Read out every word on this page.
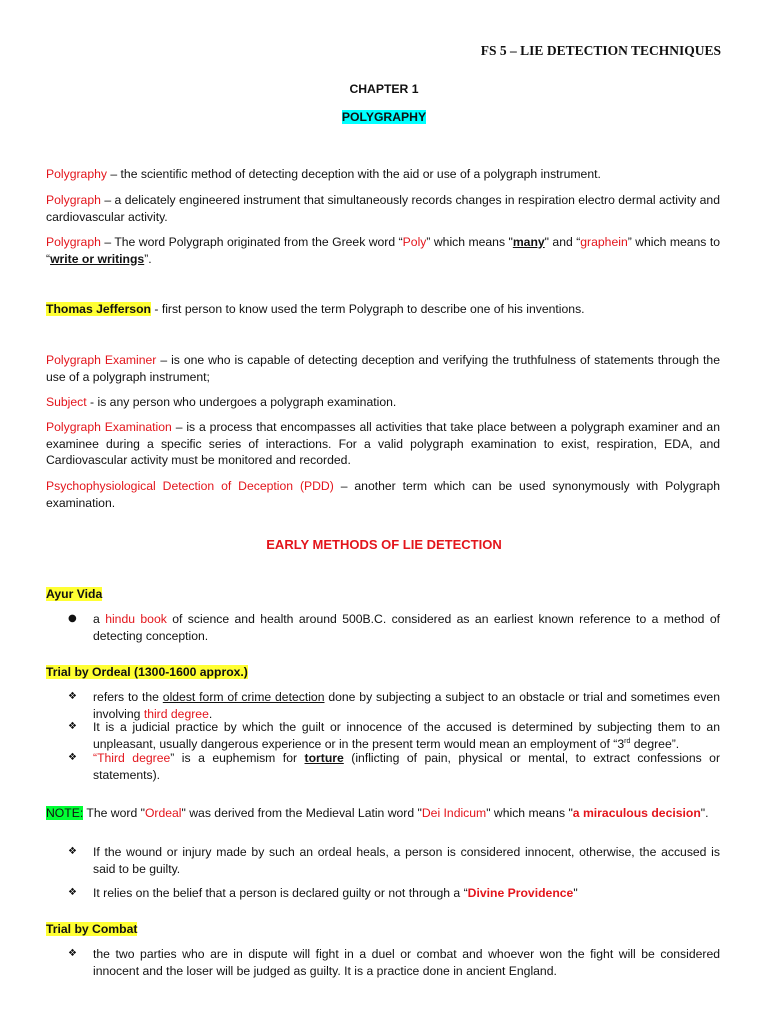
FS 5 – LIE DETECTION TECHNIQUES
CHAPTER 1
POLYGRAPHY
Polygraphy – the scientific method of detecting deception with the aid or use of a polygraph instrument.
Polygraph – a delicately engineered instrument that simultaneously records changes in respiration electro dermal activity and cardiovascular activity.
Polygraph – The word Polygraph originated from the Greek word “Poly” which means "many" and “graphein” which means to “write or writings”.
Thomas Jefferson - first person to know used the term Polygraph to describe one of his inventions.
Polygraph Examiner – is one who is capable of detecting deception and verifying the truthfulness of statements through the use of a polygraph instrument;
Subject - is any person who undergoes a polygraph examination.
Polygraph Examination – is a process that encompasses all activities that take place between a polygraph examiner and an examinee during a specific series of interactions. For a valid polygraph examination to exist, respiration, EDA, and Cardiovascular activity must be monitored and recorded.
Psychophysiological Detection of Deception (PDD) – another term which can be used synonymously with Polygraph examination.
EARLY METHODS OF LIE DETECTION
Ayur Vida
●	a hindu book of science and health around 500B.C. considered as an earliest known reference to a method of detecting conception.
Trial by Ordeal (1300-1600 approx.)
❖	refers to the oldest form of crime detection done by subjecting a subject to an obstacle or trial and sometimes even involving third degree.
❖	It is a judicial practice by which the guilt or innocence of the accused is determined by subjecting them to an unpleasant, usually dangerous experience or in the present term would mean an employment of “3rd degree”.
❖	“Third degree” is a euphemism for torture (inflicting of pain, physical or mental, to extract confessions or statements).
NOTE: The word "Ordeal" was derived from the Medieval Latin word "Dei Indicum" which means "a miraculous decision".
❖	If the wound or injury made by such an ordeal heals, a person is considered innocent, otherwise, the accused is said to be guilty.
❖	It relies on the belief that a person is declared guilty or not through a “Divine Providence"
Trial by Combat
❖	the two parties who are in dispute will fight in a duel or combat and whoever won the fight will be considered innocent and the loser will be judged as guilty. It is a practice done in ancient England.
